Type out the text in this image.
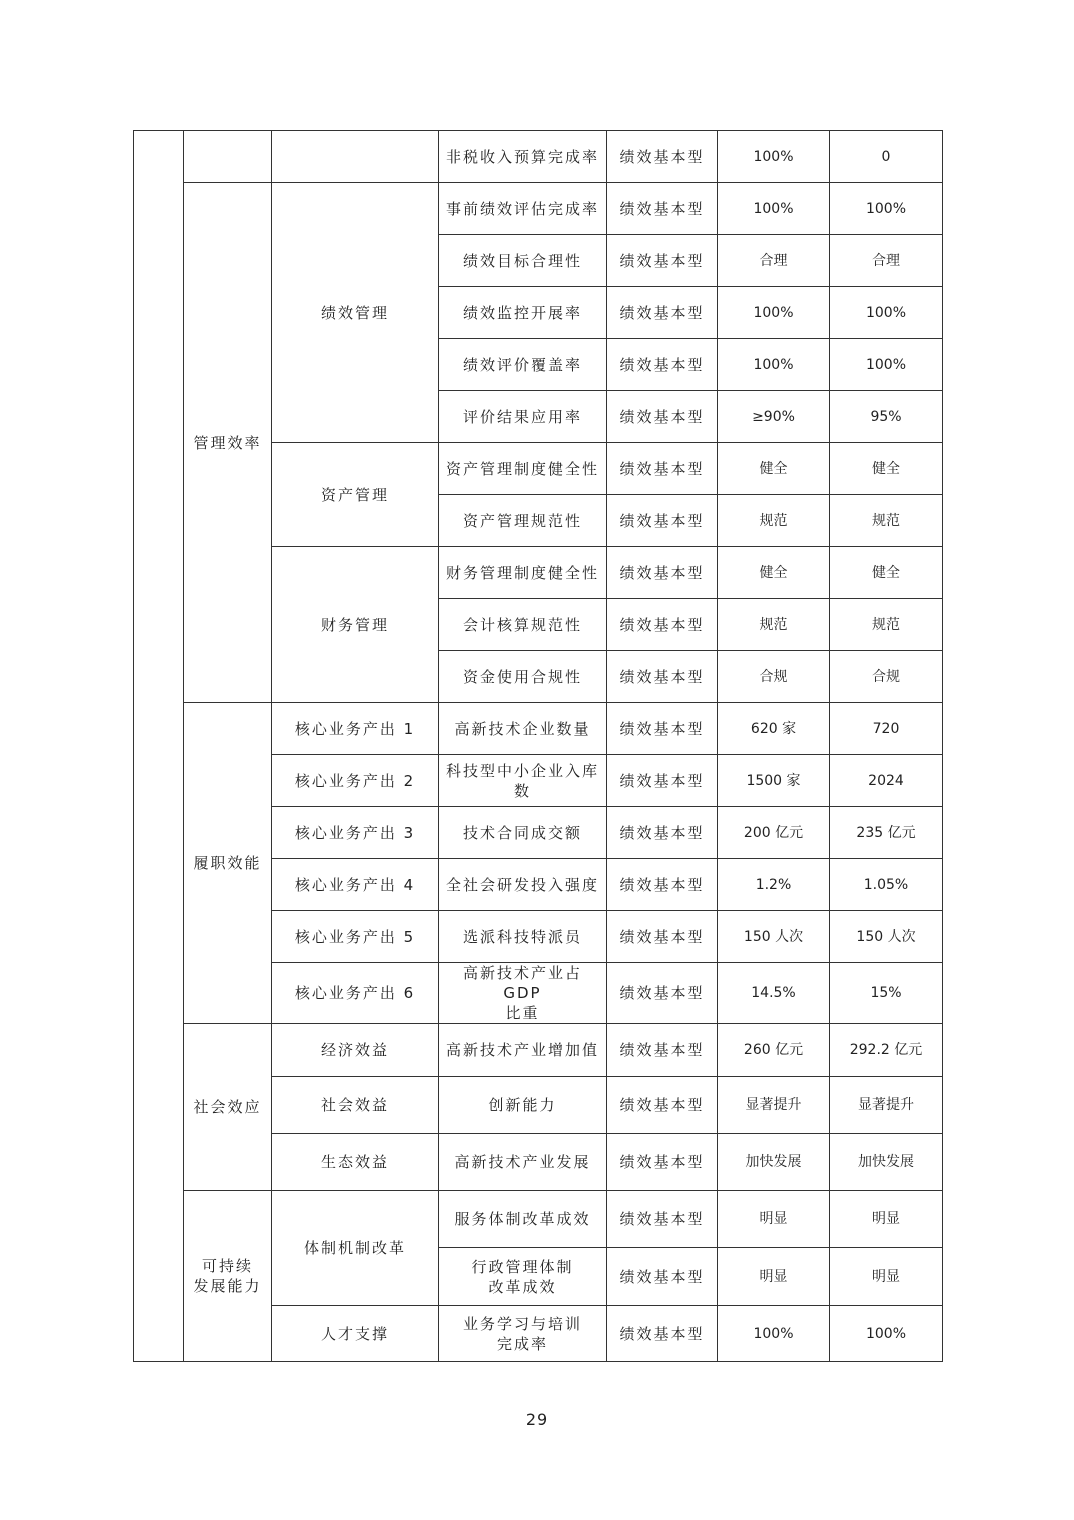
			非税收入预算完成率	绩效基本型	100%	0
	管理效率	绩效管理	事前绩效评估完成率	绩效基本型	100%	100%
			绩效目标合理性	绩效基本型	合理	合理
			绩效监控开展率	绩效基本型	100%	100%
			绩效评价覆盖率	绩效基本型	100%	100%
			评价结果应用率	绩效基本型	≥90%	95%
		资产管理	资产管理制度健全性	绩效基本型	健全	健全
			资产管理规范性	绩效基本型	规范	规范
		财务管理	财务管理制度健全性	绩效基本型	健全	健全
			会计核算规范性	绩效基本型	规范	规范
			资金使用合规性	绩效基本型	合规	合规
	履职效能	核心业务产出 1	高新技术企业数量	绩效基本型	620 家	720
		核心业务产出 2	科技型中小企业入库
数	绩效基本型	1500 家	2024
		核心业务产出 3	技术合同成交额	绩效基本型	200 亿元	235 亿元
		核心业务产出 4	全社会研发投入强度	绩效基本型	1.2%	1.05%
		核心业务产出 5	选派科技特派员	绩效基本型	150 人次	150 人次
		核心业务产出 6	高新技术产业占 GDP
比重	绩效基本型	14.5%	15%
	社会效应	经济效益	高新技术产业增加值	绩效基本型	260 亿元	292.2 亿元
		社会效益	创新能力	绩效基本型	显著提升	显著提升
		生态效益	高新技术产业发展	绩效基本型	加快发展	加快发展
	可持续
发展能力	体制机制改革	服务体制改革成效	绩效基本型	明显	明显
			行政管理体制
改革成效	绩效基本型	明显	明显
		人才支撑	业务学习与培训
完成率	绩效基本型	100%	100%
29
